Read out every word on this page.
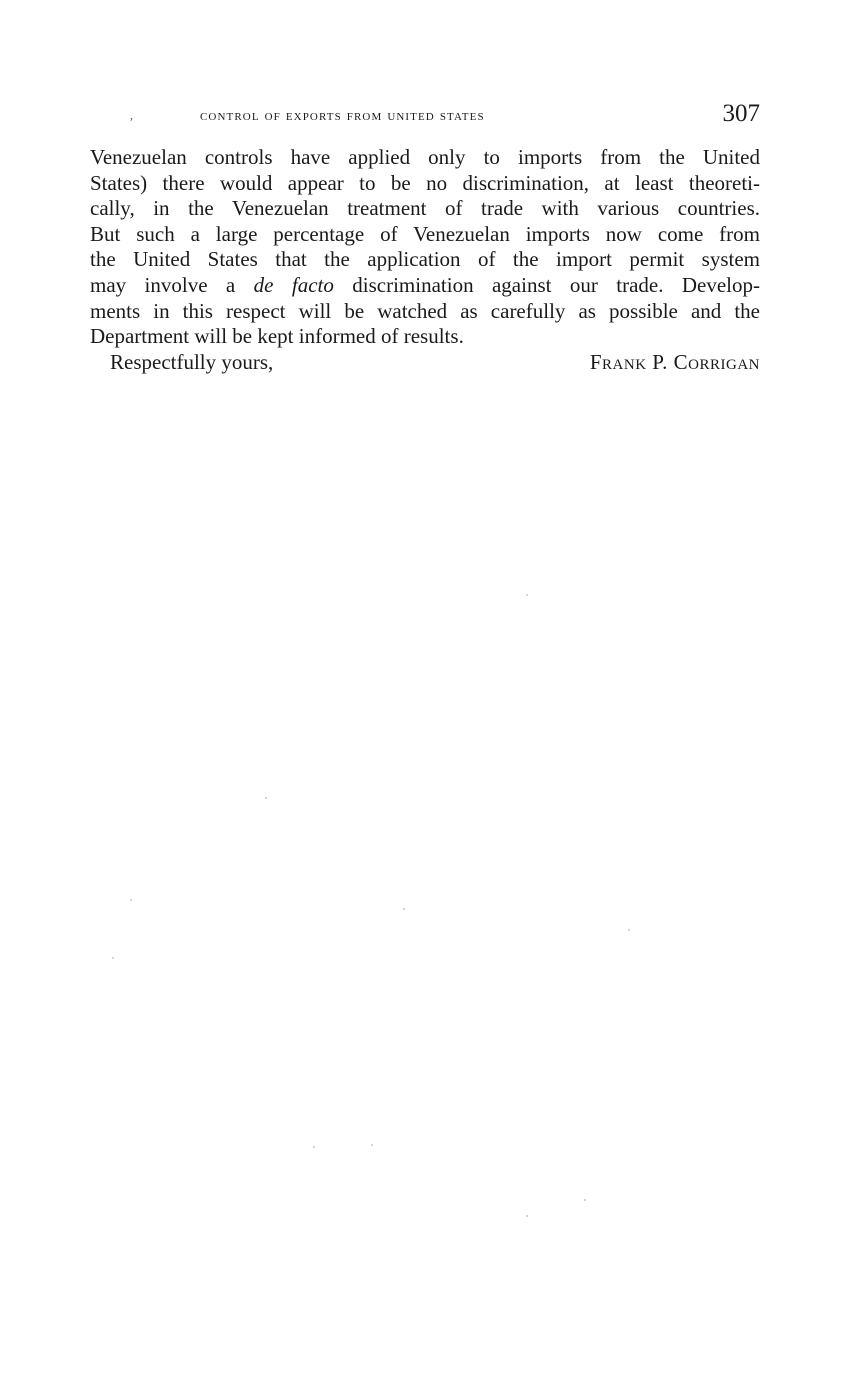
,	control of exports from united states	307
Venezuelan controls have applied only to imports from the United
States) there would appear to be no discrimination, at least theoreti-
cally, in the Venezuelan treatment of trade with various countries.
But such a large percentage of Venezuelan imports now come from
the United States that the application of the import permit system
may involve a de facto discrimination against our trade. Develop-
ments in this respect will be watched as carefully as possible and the
Department will be kept informed of results.
Respectfully yours,	Frank P. Corrigan
